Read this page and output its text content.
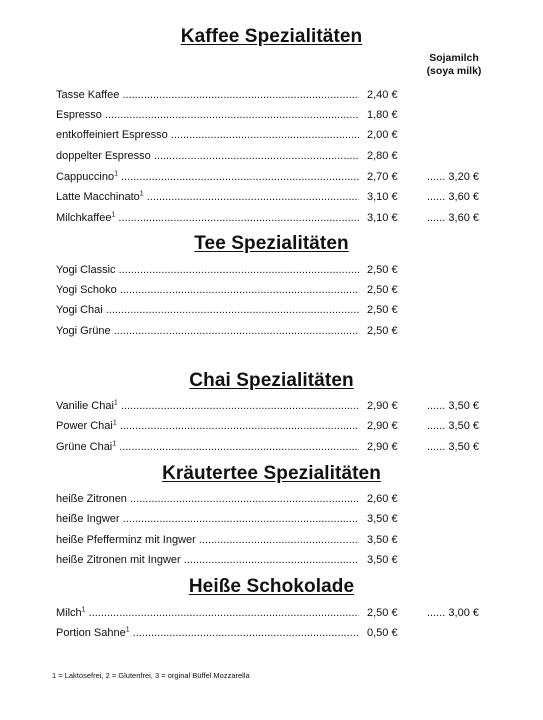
Kaffee Spezialitäten
Tee Spezialitäten
Chai Spezialitäten
Kräutertee Spezialitäten
Heiße Schokolade
Sojamilch
(soya milk)
Tasse Kaffee .....	2,40 €
Espresso .....	1,80 €
entkoffeiniert Espresso .....	2,00 €
doppelter Espresso .....	2,80 €
Cappuccino$^1$ .....	2,70 €	...... 3,20 €
Latte Macchinato$^1$ .....	3,10 €	...... 3,60 €
Milchkaffee$^1$ .....	3,10 €	...... 3,60 €
Yogi Classic .....	2,50 €
Yogi Schoko .....	2,50 €
Yogi Chai .....	2,50 €
Yogi Grüne .....	2,50 €
Vanilie Chai$^1$ .....	2,90 €	...... 3,50 €
Power Chai$^1$ .....	2,90 €	...... 3,50 €
Grüne Chai$^1$ .....	2,90 €	...... 3,50 €
heiße Zitronen .....	2,60 €
heiße Ingwer .....	3,50 €
heiße Pfefferminz mit Ingwer .....	3,50 €
heiße Zitronen mit Ingwer .....	3,50 €
Milch$^1$ .....	2,50 €	...... 3,00 €
Portion Sahne$^1$ .....	0,50 €
1 = Laktosefrei, 2 = Glutenfrei, 3 = orginal Büffel Mozzarella
